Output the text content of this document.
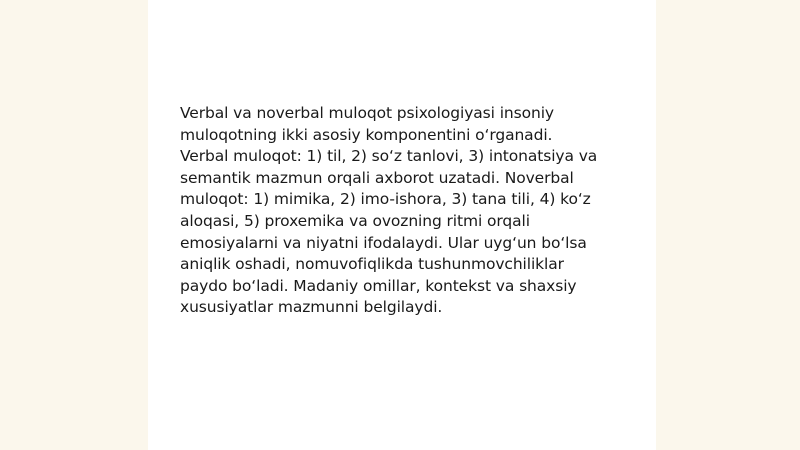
Verbal va noverbal muloqot psixologiyasi insoniy
muloqotning ikki asosiy komponentini o‘rganadi.
Verbal muloqot: 1) til, 2) so‘z tanlovi, 3) intonatsiya va
semantik mazmun orqali axborot uzatadi. Noverbal
muloqot: 1) mimika, 2) imo-ishora, 3) tana tili, 4) ko‘z
aloqasi, 5) proxemika va ovozning ritmi orqali
emosiyalarni va niyatni ifodalaydi. Ular uyg‘un bo‘lsa
aniqlik oshadi, nomuvofiqlikda tushunmovchiliklar
paydo bo‘ladi. Madaniy omillar, kontekst va shaxsiy
xususiyatlar mazmunni belgilaydi.
